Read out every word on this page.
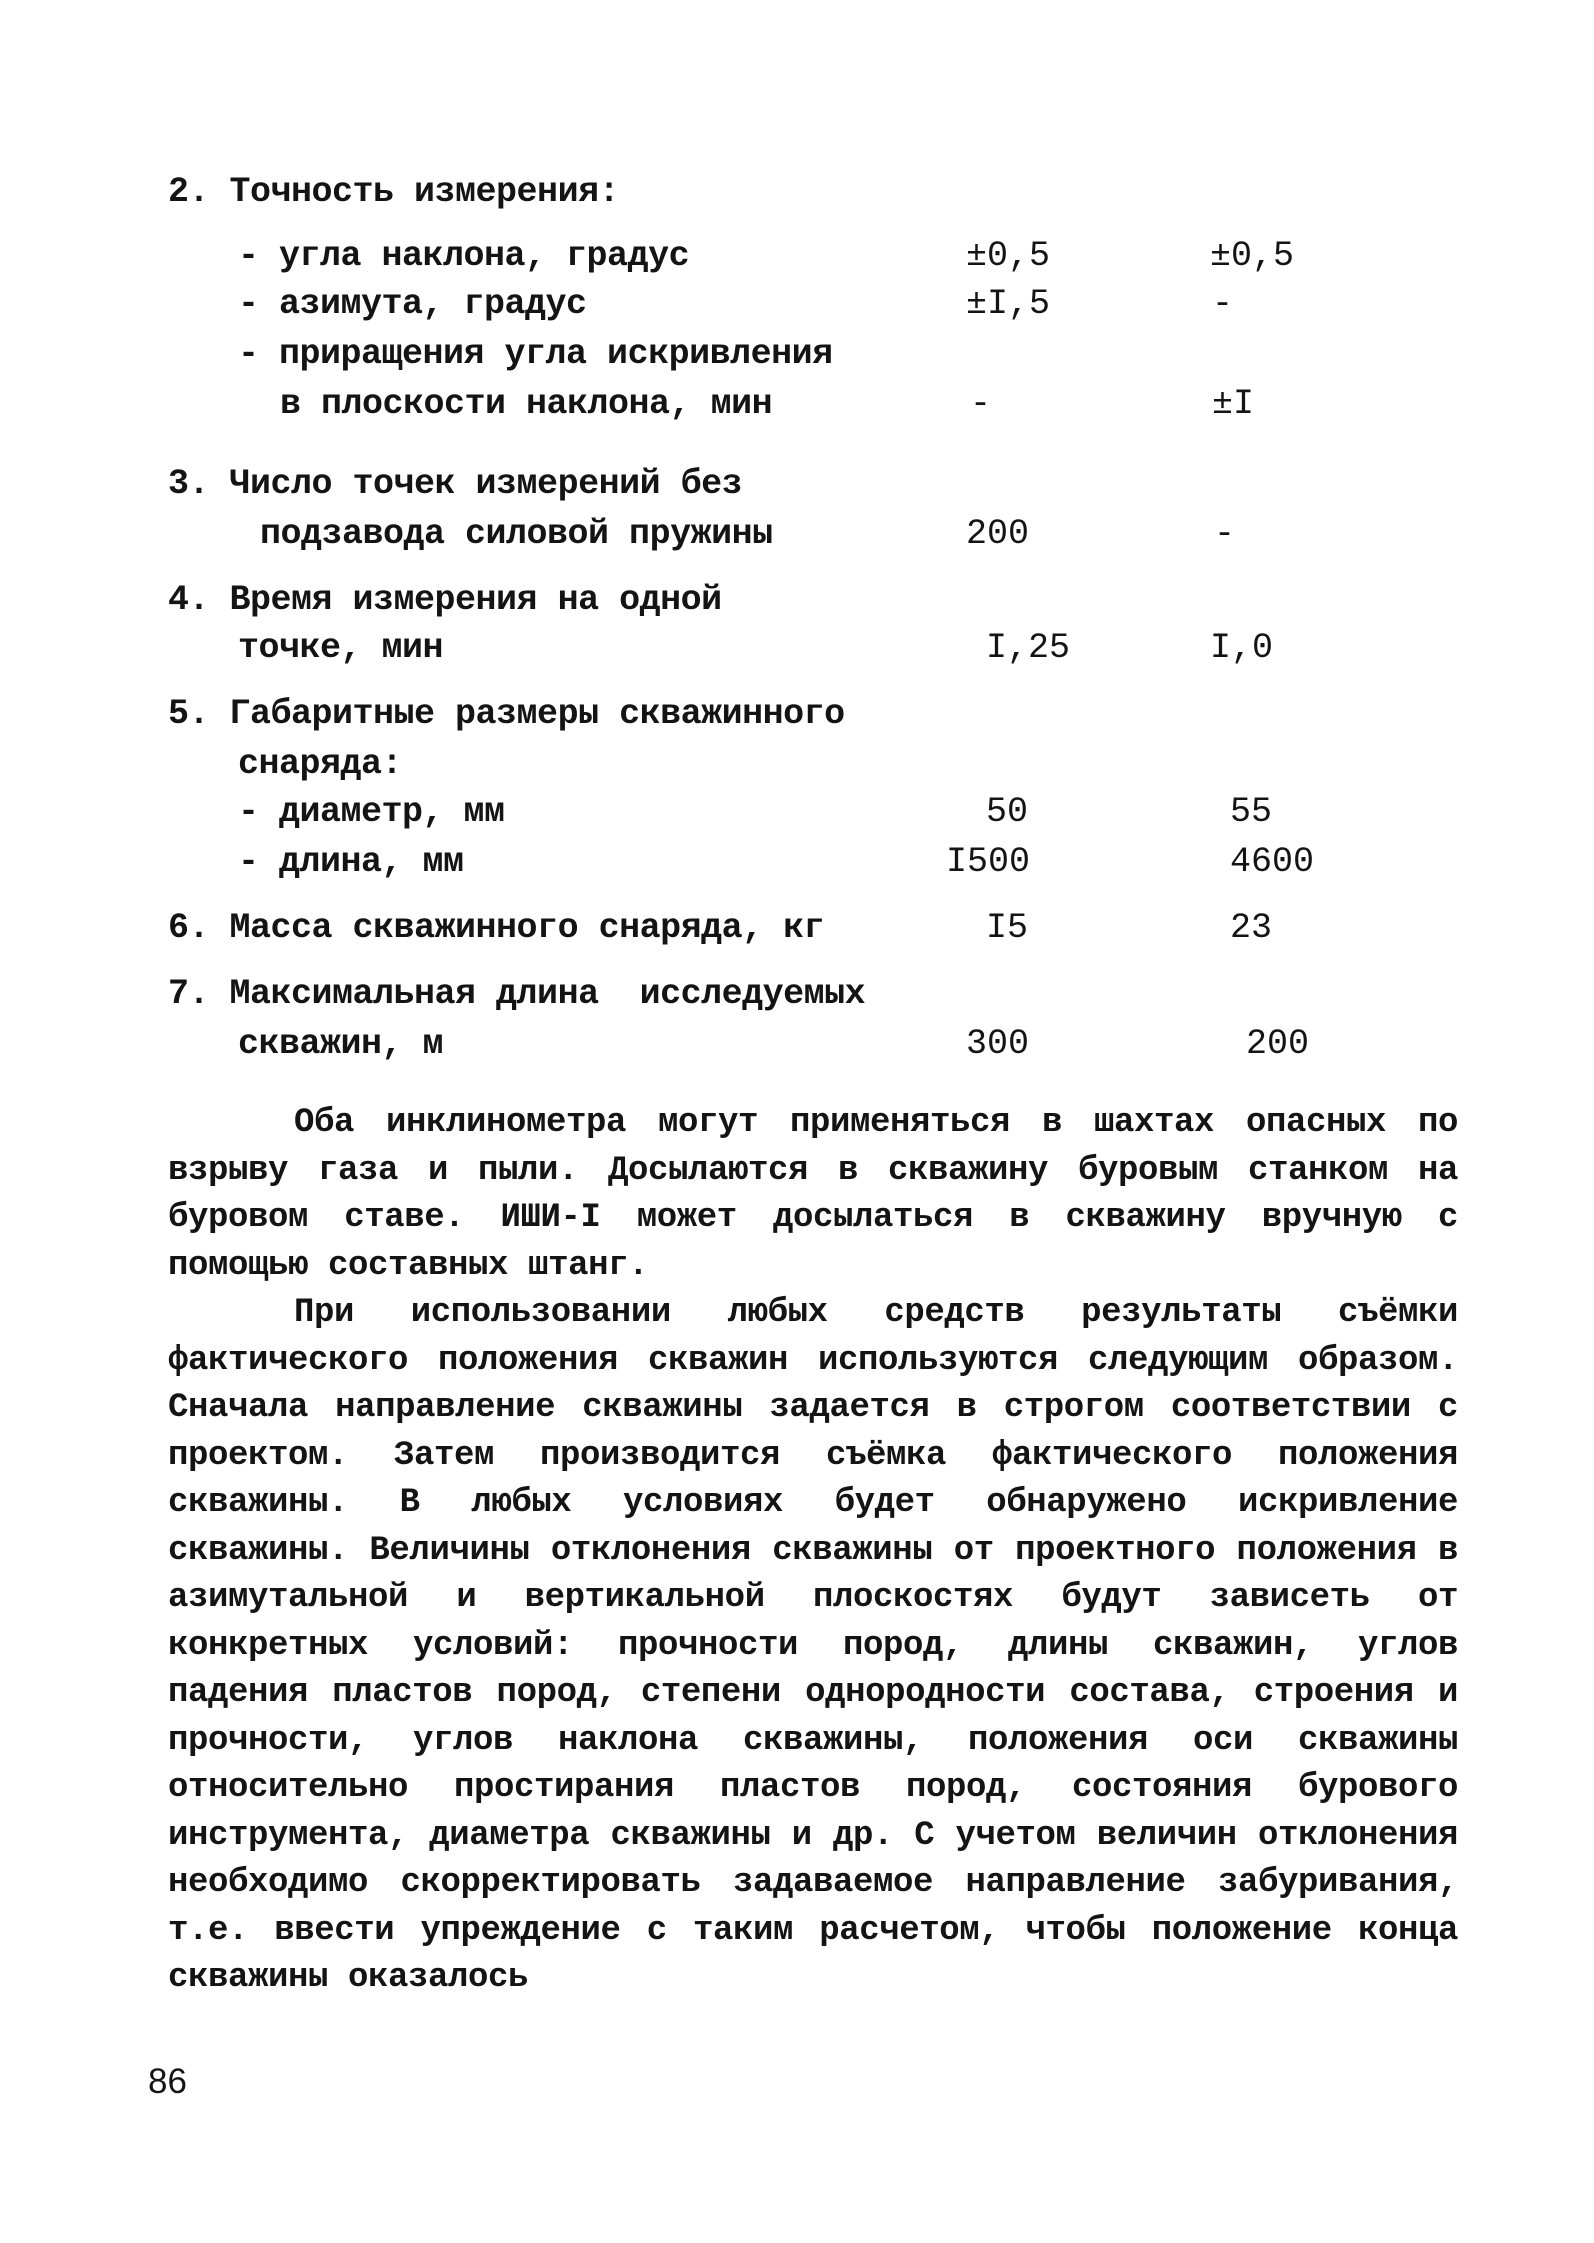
2. Точность измерения:
- угла наклона, градус	±0,5	±0,5
- азимута, градус	±I,5	-
- приращения угла искривления
в плоскости наклона, мин	-	±I
3. Число точек измерений без
подзавода силовой пружины	200	-
4. Время измерения на одной
точке, мин	I,25	I,0
5. Габаритные размеры скважинного
снаряда:
- диаметр, мм	50	55
- длина, мм	I500	4600
6. Масса скважинного снаряда, кг	I5	23
7. Максимальная длина  исследуемых
скважин, м	300	200

Оба инклинометра могут применяться в шахтах опасных по взрыву газа и пыли. Досылаются в скважину буровым станком на буровом ставе. ИШИ-I может досылаться в скважину вручную с помощью составных штанг.

При использовании любых средств результаты съёмки фактического положения скважин используются следующим образом. Сначала направление скважины задается в строгом соответствии с проектом. Затем производится съёмка фактического положения скважины. В любых условиях будет обнаружено искривление скважины. Величины отклонения скважины от проектного положения в азимутальной и вертикальной плоскостях будут зависеть от конкретных условий: прочности пород, длины скважин, углов падения пластов пород, степени однородности состава, строения и прочности, углов наклона скважины, положения оси скважины относительно простирания пластов пород, состояния бурового инструмента, диаметра скважины и др. С учетом величин отклонения необходимо скорректировать задаваемое направление забуривания, т.е. ввести упреждение с таким расчетом, чтобы положение конца скважины оказалось

86
